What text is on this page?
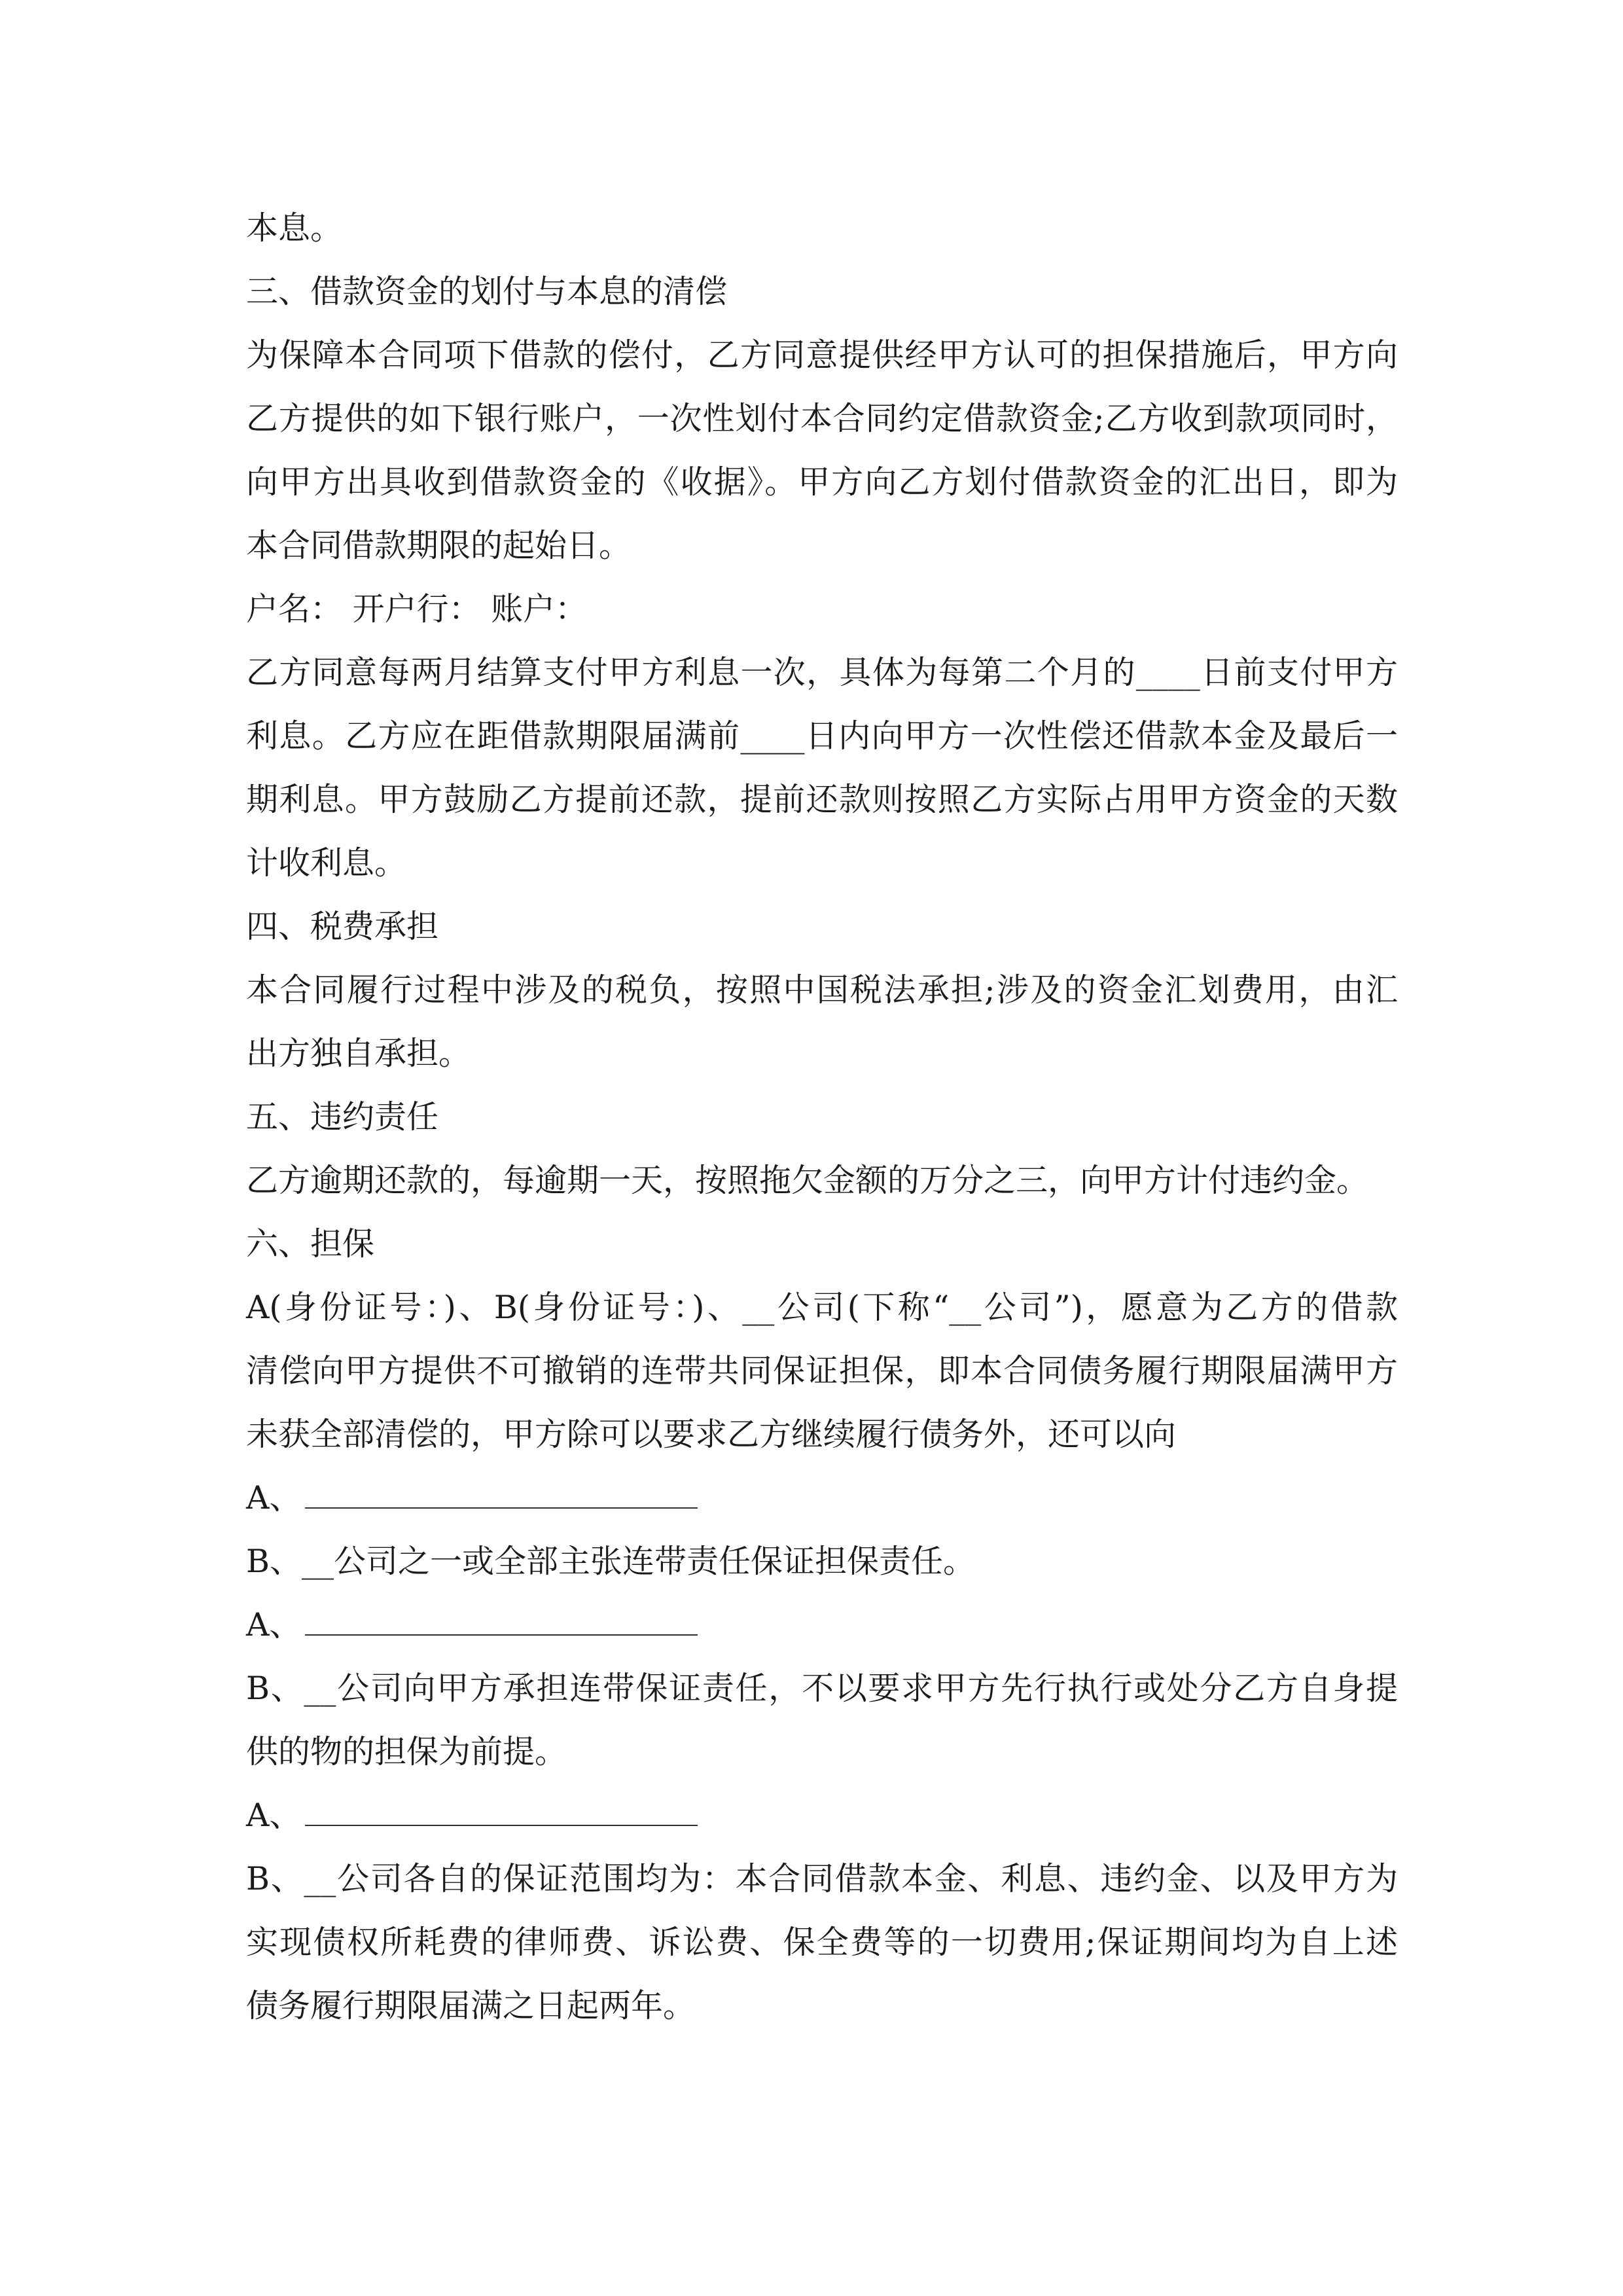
本息。
三、借款资金的划付与本息的清偿
为保障本合同项下借款的偿付，乙方同意提供经甲方认可的担保措施后，甲方向
乙方提供的如下银行账户，一次性划付本合同约定借款资金;乙方收到款项同时，
向甲方出具收到借款资金的《收据》。甲方向乙方划付借款资金的汇出日，即为
本合同借款期限的起始日。
户名： 开户行： 账户：
乙方同意每两月结算支付甲方利息一次，具体为每第二个月的____日前支付甲方
利息。乙方应在距借款期限届满前____日内向甲方一次性偿还借款本金及最后一
期利息。甲方鼓励乙方提前还款，提前还款则按照乙方实际占用甲方资金的天数
计收利息。
四、税费承担
本合同履行过程中涉及的税负，按照中国税法承担;涉及的资金汇划费用，由汇
出方独自承担。
五、违约责任
乙方逾期还款的，每逾期一天，按照拖欠金额的万分之三，向甲方计付违约金。
六、担保
A(身份证号：)、B(身份证号：)、__公司(下称“__公司”)，愿意为乙方的借款
清偿向甲方提供不可撤销的连带共同保证担保，即本合同债务履行期限届满甲方
未获全部清偿的，甲方除可以要求乙方继续履行债务外，还可以向
A、
B、__公司之一或全部主张连带责任保证担保责任。
A、
B、__公司向甲方承担连带保证责任，不以要求甲方先行执行或处分乙方自身提
供的物的担保为前提。
A、
B、__公司各自的保证范围均为：本合同借款本金、利息、违约金、以及甲方为
实现债权所耗费的律师费、诉讼费、保全费等的一切费用;保证期间均为自上述
债务履行期限届满之日起两年。
